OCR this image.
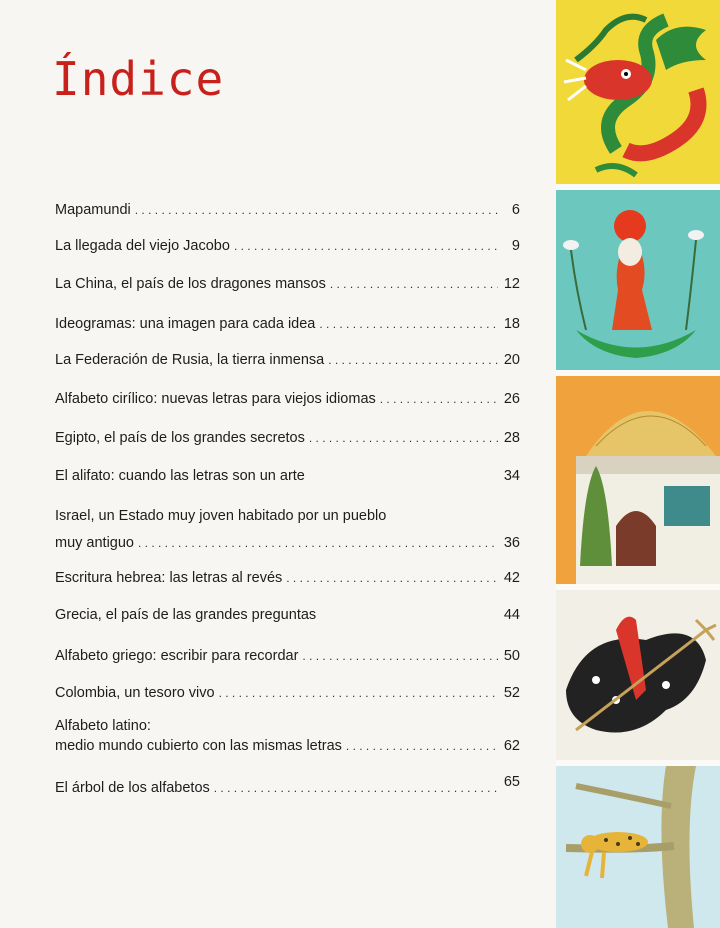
Índice
Mapamundi . . .	6
La llegada del viejo Jacobo . . .	9
La China, el país de los dragones mansos . . .	12
Ideogramas: una imagen para cada idea . . .	18
La Federación de Rusia, la tierra inmensa . . .	20
Alfabeto cirílico: nuevas letras para viejos idiomas . . .	26
Egipto, el país de los grandes secretos . . .	28
El alifato: cuando las letras son un arte	34
Israel, un Estado muy joven habitado por un pueblo
muy antiguo . . .	36
Escritura hebrea: las letras al revés . . .	42
Grecia, el país de las grandes preguntas	44
Alfabeto griego: escribir para recordar . . .	50
Colombia, un tesoro vivo . . .	52
Alfabeto latino:
medio mundo cubierto con las mismas letras . . .	62
El árbol de los alfabetos . . .	65
